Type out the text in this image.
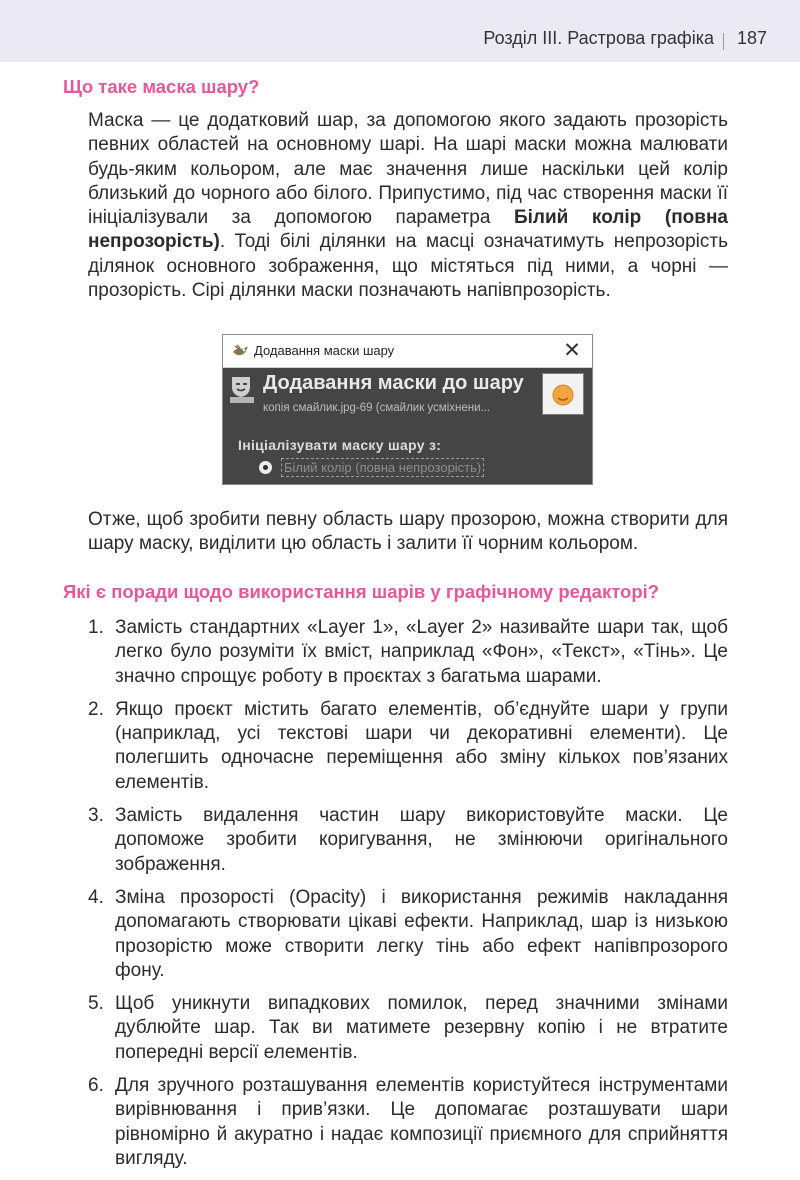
Розділ ІІІ. Растрова графіка 187
Що таке маска шару?
Маска — це додатковий шар, за допомогою якого задають прозорість певних областей на основному шарі. На шарі маски можна малювати будь-яким кольором, але має значення лише наскільки цей колір близький до чорного або білого. Припустимо, під час створення маски її ініціалізували за допомогою параметра Білий колір (повна непрозорість). Тоді білі ділянки на масці означатимуть непрозорість ділянок основного зображення, що містяться під ними, а чорні — прозорість. Сірі ділянки маски позначають напівпрозорість.
Додавання маски шару	✕
Додавання маски до шару
копія смайлик.jpg-69 (смайлик усміхнени...
Ініціалізувати маску шару з:
Білий колір (повна непрозорість)
Отже, щоб зробити певну область шару прозорою, можна створити для шару маску, виділити цю область і залити її чорним кольором.
Які є поради щодо використання шарів у графічному редакторі?
1. Замість стандартних «Layer 1», «Layer 2» називайте шари так, щоб легко було розуміти їх вміст, наприклад «Фон», «Текст», «Тінь». Це значно спрощує роботу в проєктах з багатьма шарами.
2. Якщо проєкт містить багато елементів, об’єднуйте шари у групи (наприклад, усі текстові шари чи декоративні елементи). Це полегшить одночасне переміщення або зміну кількох пов’язаних елементів.
3. Замість видалення частин шару використовуйте маски. Це допоможе зробити коригування, не змінюючи оригінального зображення.
4. Зміна прозорості (Opacity) і використання режимів накладання допомагають створювати цікаві ефекти. Наприклад, шар із низькою прозорістю може створити легку тінь або ефект напівпрозорого фону.
5. Щоб уникнути випадкових помилок, перед значними змінами дублюйте шар. Так ви матимете резервну копію і не втратите попередні версії елементів.
6. Для зручного розташування елементів користуйтеся інструментами вирівнювання і прив’язки. Це допомагає розташувати шари рівномірно й акуратно і надає композиції приємного для сприйняття вигляду.
